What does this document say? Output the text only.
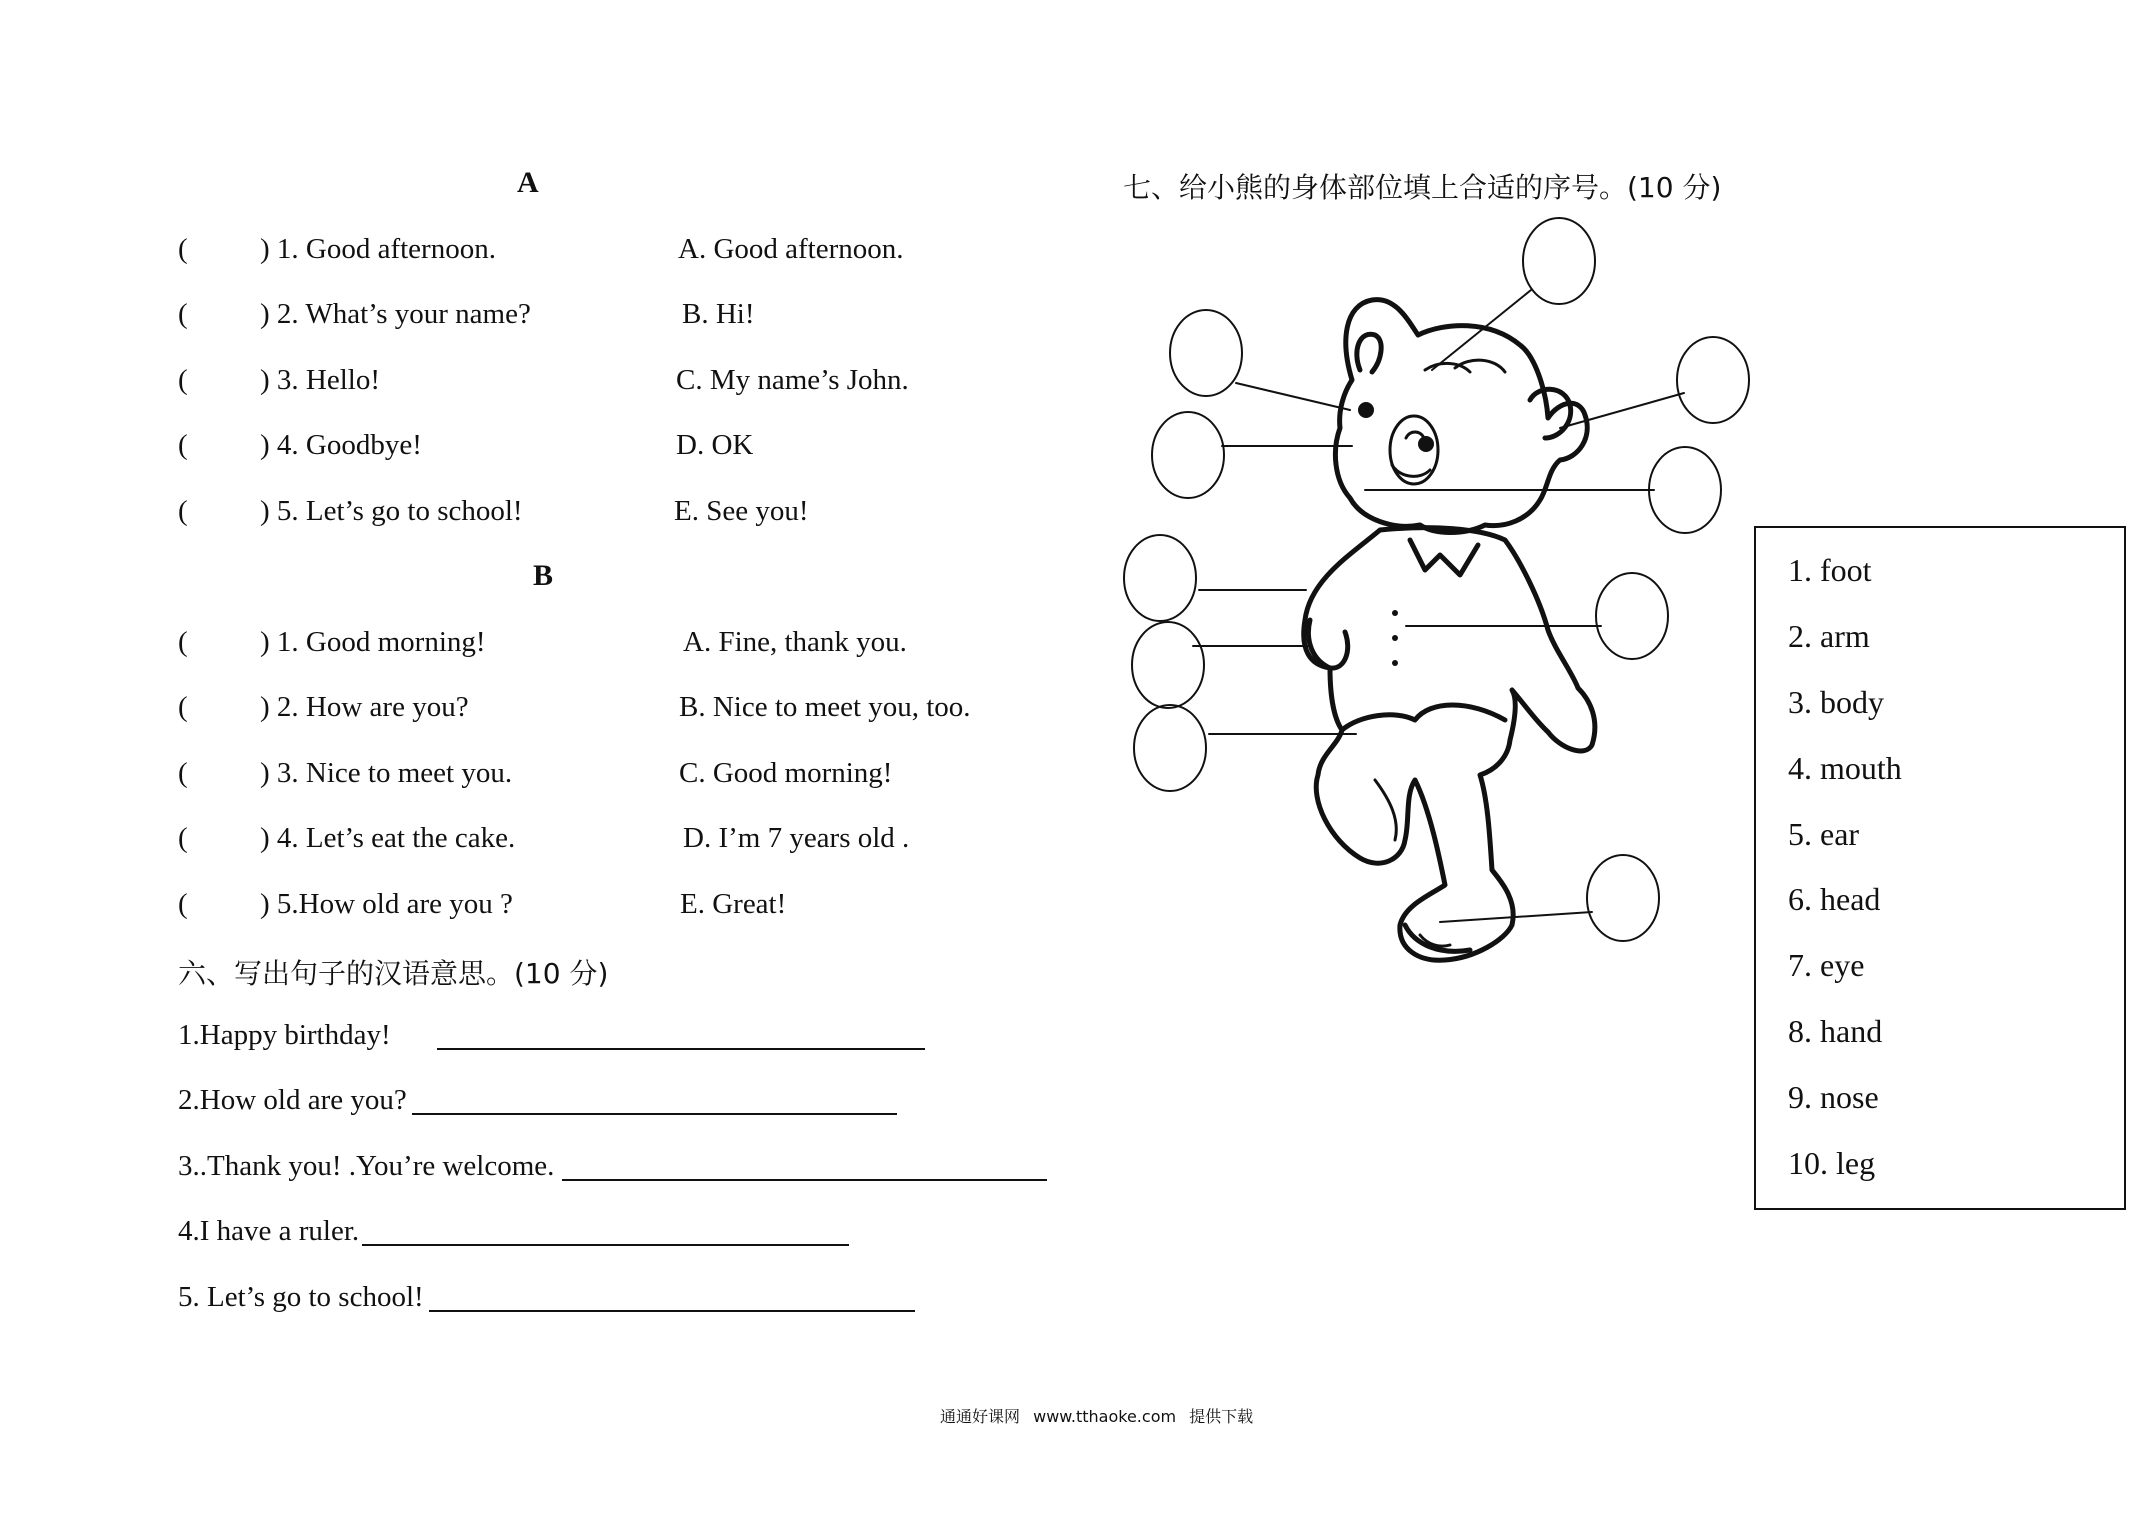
A
( ) 1. Good afternoon.	A. Good afternoon.
( ) 2. What’s your name?	B. Hi!
( ) 3. Hello!	C. My name’s John.
( ) 4. Goodbye!	D. OK
( ) 5. Let’s go to school!	E. See you!
B
( ) 1. Good morning!	A. Fine, thank you.
( ) 2. How are you?	B. Nice to meet you, too.
( ) 3. Nice to meet you.	C. Good morning!
( ) 4. Let’s eat the cake.	D. I’m 7 years old .
( ) 5.How old are you ?	E. Great!
六、写出句子的汉语意思。(10 分)
1.Happy birthday!
2.How old are you?
3..Thank you! .You’re welcome.
4.I have a ruler.
5. Let’s go to school!
七、给小熊的身体部位填上合适的序号。(10 分)
1. foot
2. arm
3. body
4. mouth
5. ear
6. head
7. eye
8. hand
9. nose
10. leg
通通好课网 www.tthaoke.com 提供下载
